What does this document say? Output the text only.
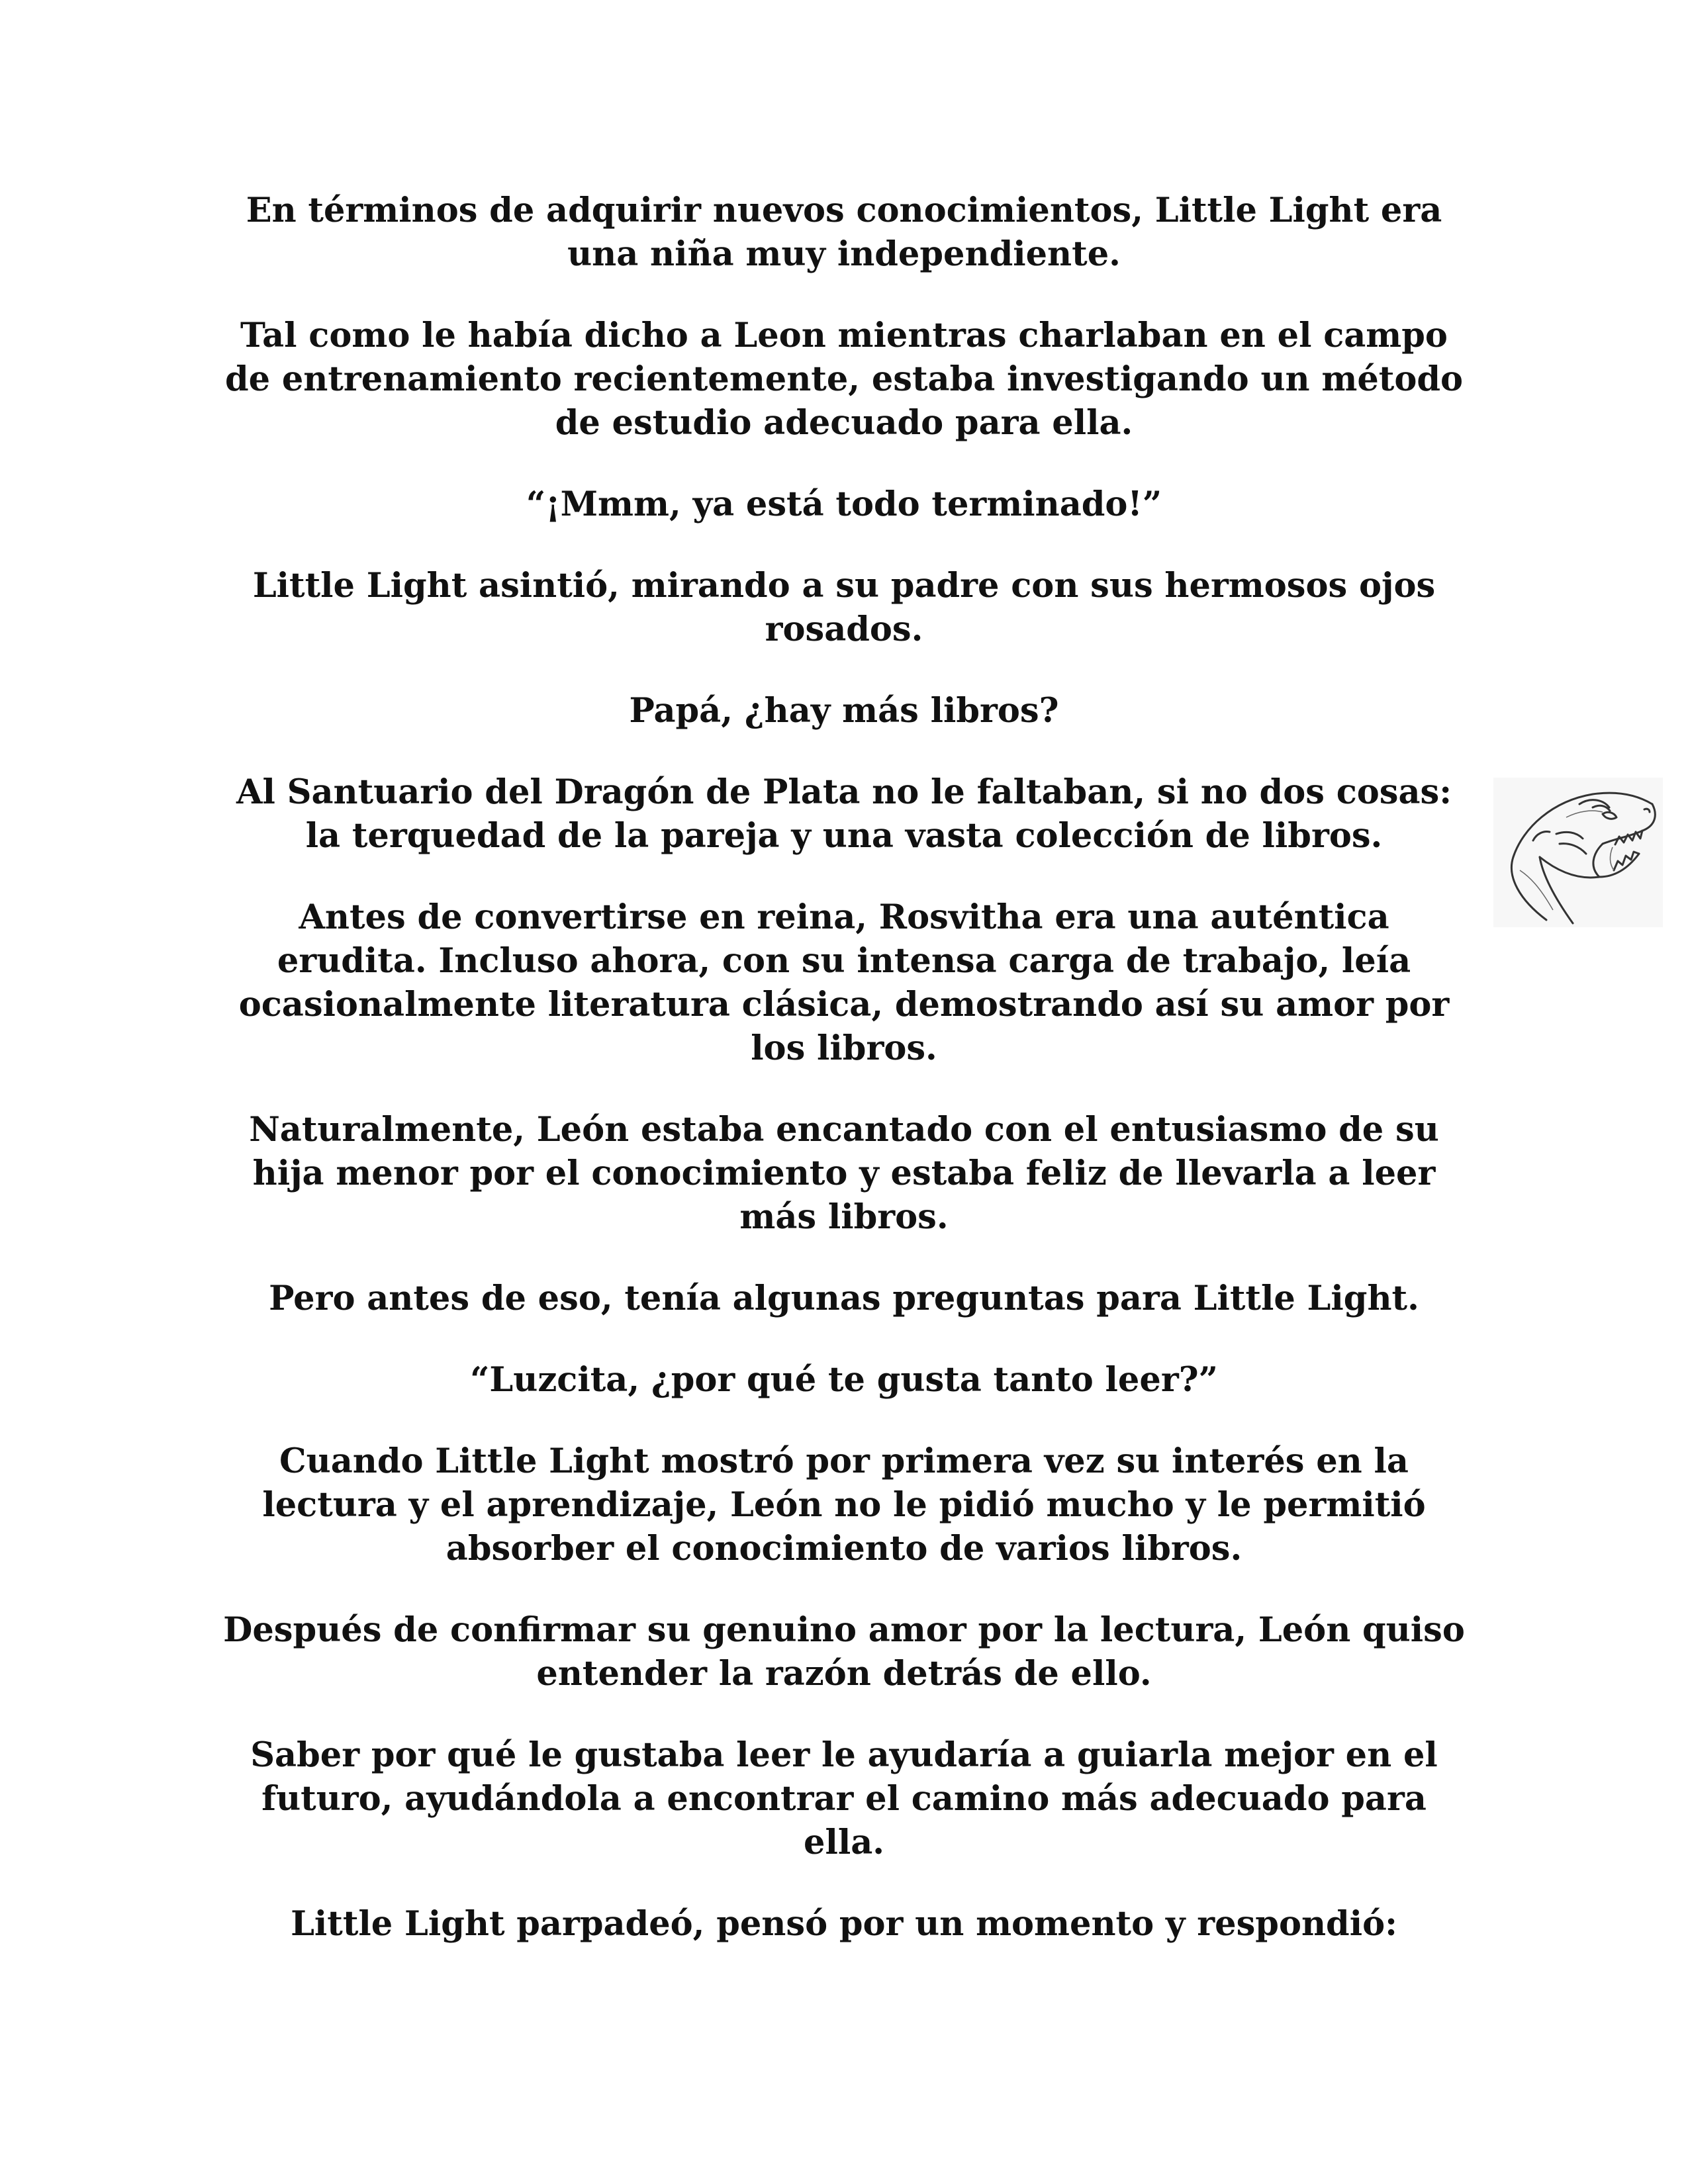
En términos de adquirir nuevos conocimientos, Little Light era una niña muy independiente.

Tal como le había dicho a Leon mientras charlaban en el campo de entrenamiento recientemente, estaba investigando un método de estudio adecuado para ella.

“¡Mmm, ya está todo terminado!”

Little Light asintió, mirando a su padre con sus hermosos ojos rosados.

Papá, ¿hay más libros?

Al Santuario del Dragón de Plata no le faltaban, si no dos cosas: la terquedad de la pareja y una vasta colección de libros.

Antes de convertirse en reina, Rosvitha era una auténtica erudita. Incluso ahora, con su intensa carga de trabajo, leía ocasionalmente literatura clásica, demostrando así su amor por los libros.

Naturalmente, León estaba encantado con el entusiasmo de su hija menor por el conocimiento y estaba feliz de llevarla a leer más libros.

Pero antes de eso, tenía algunas preguntas para Little Light.

“Luzcita, ¿por qué te gusta tanto leer?”

Cuando Little Light mostró por primera vez su interés en la lectura y el aprendizaje, León no le pidió mucho y le permitió absorber el conocimiento de varios libros.

Después de confirmar su genuino amor por la lectura, León quiso entender la razón detrás de ello.

Saber por qué le gustaba leer le ayudaría a guiarla mejor en el futuro, ayudándola a encontrar el camino más adecuado para ella.

Little Light parpadeó, pensó por un momento y respondió:
